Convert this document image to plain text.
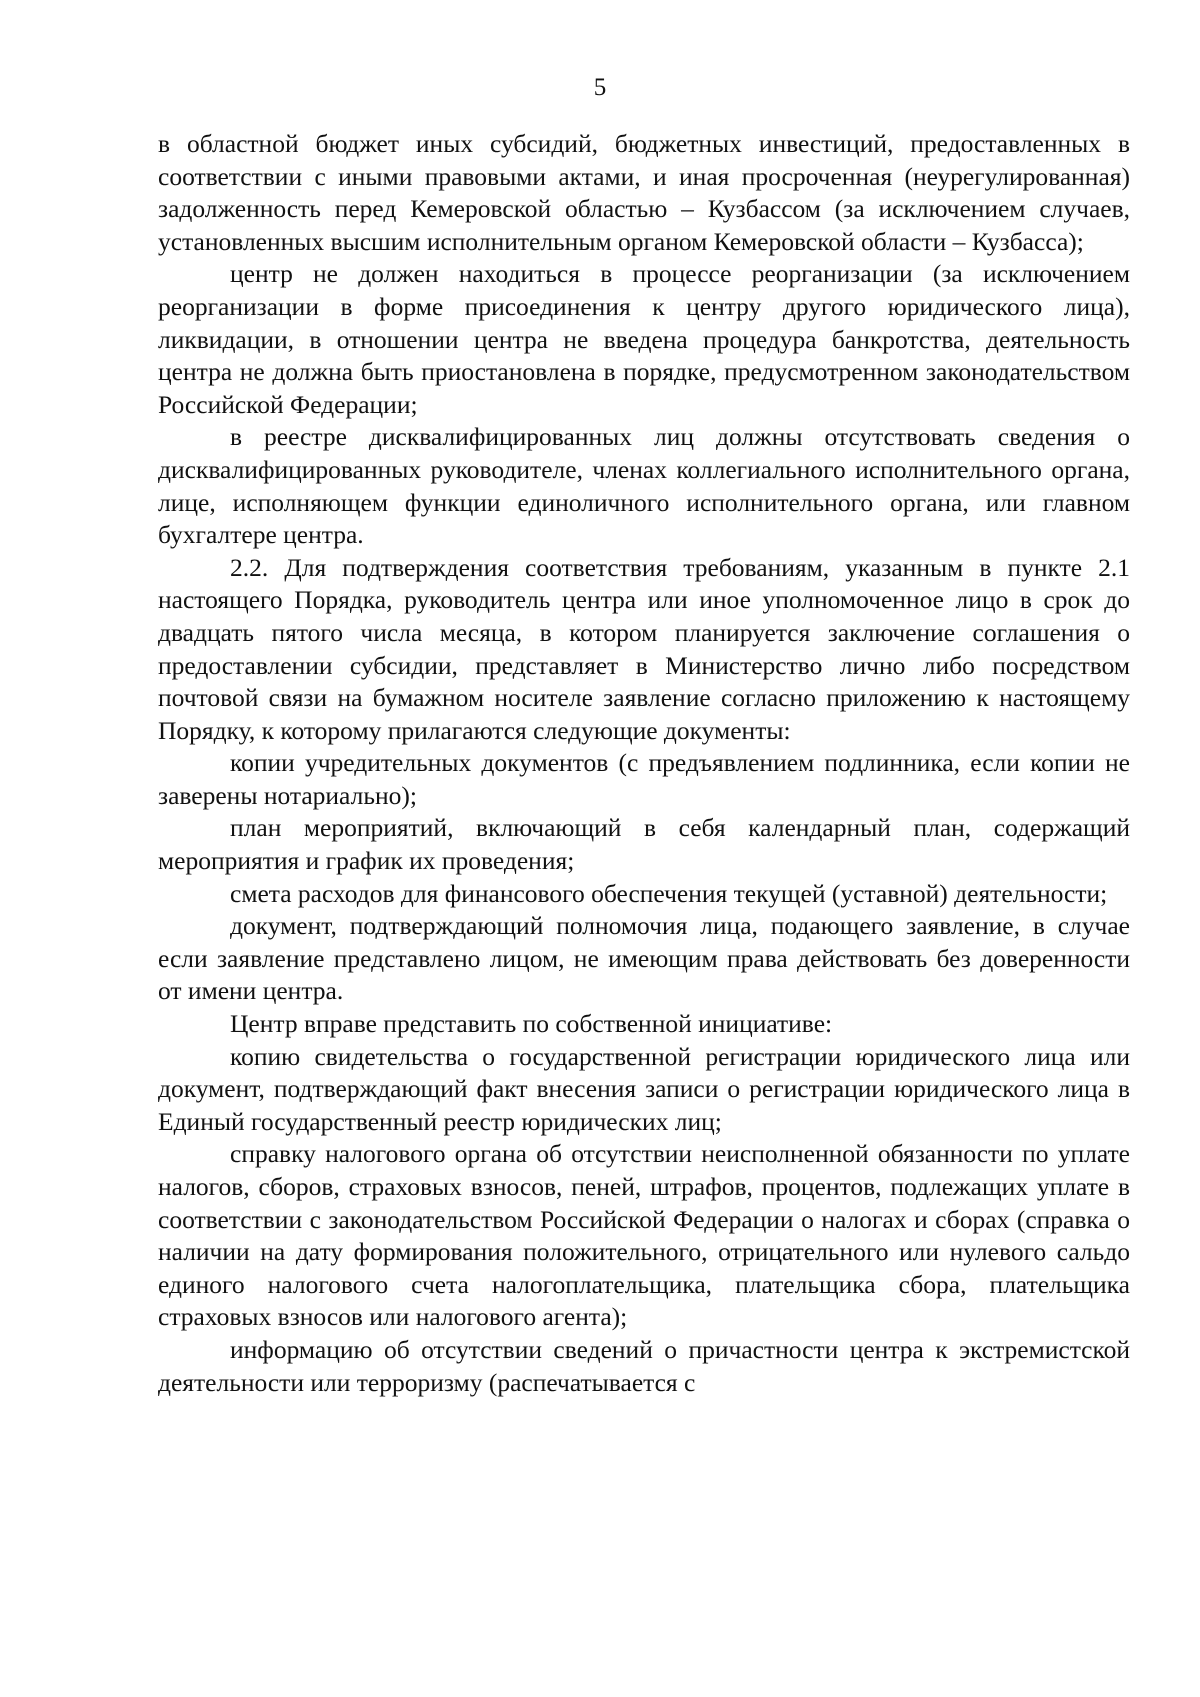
5

в областной бюджет иных субсидий, бюджетных инвестиций, предоставленных в соответствии с иными правовыми актами, и иная просроченная (неурегулированная) задолженность перед Кемеровской областью – Кузбассом (за исключением случаев, установленных высшим исполнительным органом Кемеровской области – Кузбасса);

центр не должен находиться в процессе реорганизации (за исключением реорганизации в форме присоединения к центру другого юридического лица), ликвидации, в отношении центра не введена процедура банкротства, деятельность центра не должна быть приостановлена в порядке, предусмотренном законодательством Российской Федерации;

в реестре дисквалифицированных лиц должны отсутствовать сведения о дисквалифицированных руководителе, членах коллегиального исполнительного органа, лице, исполняющем функции единоличного исполнительного органа, или главном бухгалтере центра.

2.2. Для подтверждения соответствия требованиям, указанным в пункте 2.1 настоящего Порядка, руководитель центра или иное уполномоченное лицо в срок до двадцать пятого числа месяца, в котором планируется заключение соглашения о предоставлении субсидии, представляет в Министерство лично либо посредством почтовой связи на бумажном носителе заявление согласно приложению к настоящему Порядку, к которому прилагаются следующие документы:

копии учредительных документов (с предъявлением подлинника, если копии не заверены нотариально);

план мероприятий, включающий в себя календарный план, содержащий мероприятия и график их проведения;

смета расходов для финансового обеспечения текущей (уставной) деятельности;

документ, подтверждающий полномочия лица, подающего заявление, в случае если заявление представлено лицом, не имеющим права действовать без доверенности от имени центра.

Центр вправе представить по собственной инициативе:

копию свидетельства о государственной регистрации юридического лица или документ, подтверждающий факт внесения записи о регистрации юридического лица в Единый государственный реестр юридических лиц;

справку налогового органа об отсутствии неисполненной обязанности по уплате налогов, сборов, страховых взносов, пеней, штрафов, процентов, подлежащих уплате в соответствии с законодательством Российской Федерации о налогах и сборах (справка о наличии на дату формирования положительного, отрицательного или нулевого сальдо единого налогового счета налогоплательщика, плательщика сбора, плательщика страховых взносов или налогового агента);

информацию об отсутствии сведений о причастности центра к экстремистской деятельности или терроризму (распечатывается с
